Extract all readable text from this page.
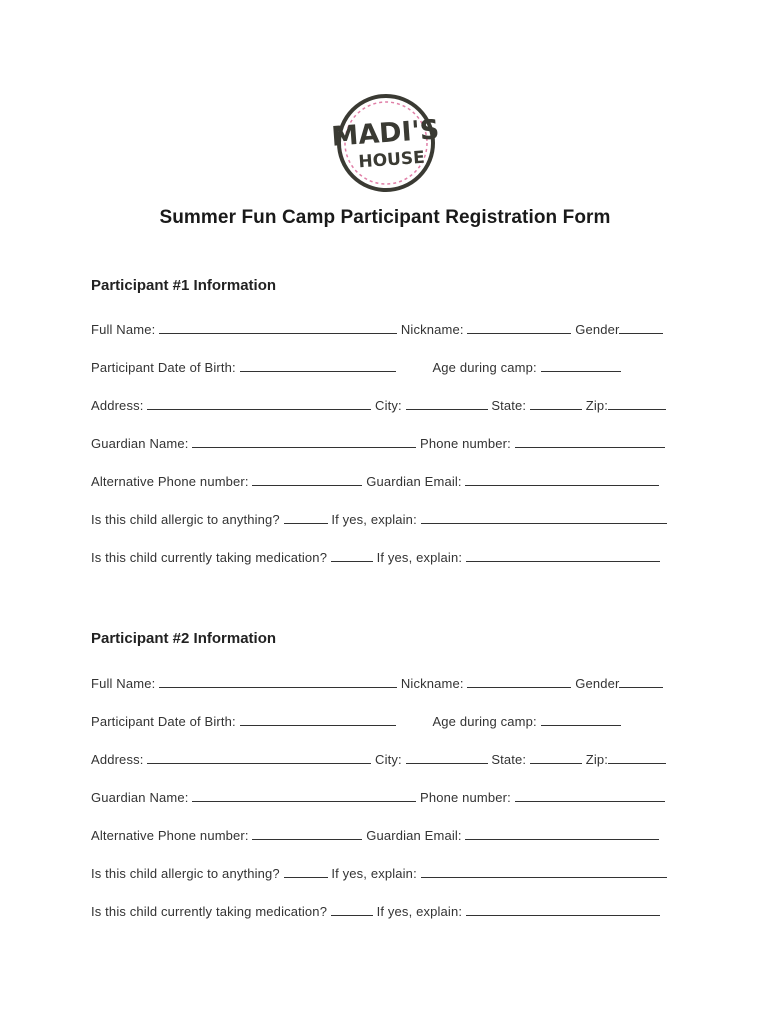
MADI'S
HOUSE
Summer Fun Camp Participant Registration Form
Participant #1 Information
Full Name:	Nickname:	Gender
Participant Date of Birth:	Age during camp:
Address:	City:	State:	Zip:
Guardian Name:	Phone number:
Alternative Phone number:	Guardian Email:
Is this child allergic to anything?	If yes, explain:
Is this child currently taking medication?	If yes, explain:
Participant #2 Information
Full Name:	Nickname:	Gender
Participant Date of Birth:	Age during camp:
Address:	City:	State:	Zip:
Guardian Name:	Phone number:
Alternative Phone number:	Guardian Email:
Is this child allergic to anything?	If yes, explain:
Is this child currently taking medication?	If yes, explain:
